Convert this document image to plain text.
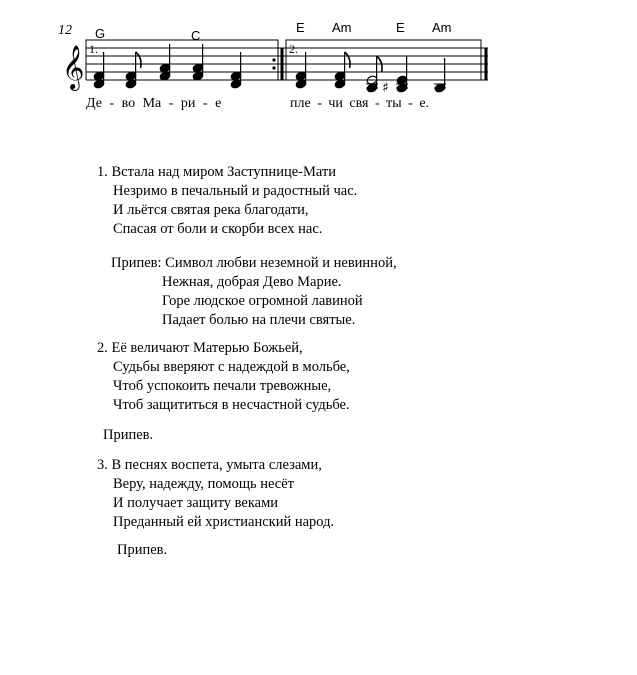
12
𝄞 1.	2.
G	C
E Am	E Am
♯
Де - во Ма - ри - е	пле - чи свя - ты - е.
1. Встала над миром Заступнице-Мати
Незримо в печальный и радостный час.
И льётся святая река благодати,
Спасая от боли и скорби всех нас.
Припев: Символ любви неземной и невинной,
Нежная, добрая Дево Марие.
Горе людское огромной лавиной
Падает болью на плечи святые.
2. Её величают Матерью Божьей,
Судьбы вверяют с надеждой в мольбе,
Чтоб успокоить печали тревожные,
Чтоб защититься в несчастной судьбе.
Припев.
3. В песнях воспета, умыта слезами,
Веру, надежду, помощь несёт
И получает защиту веками
Преданный ей христианский народ.
Припев.
